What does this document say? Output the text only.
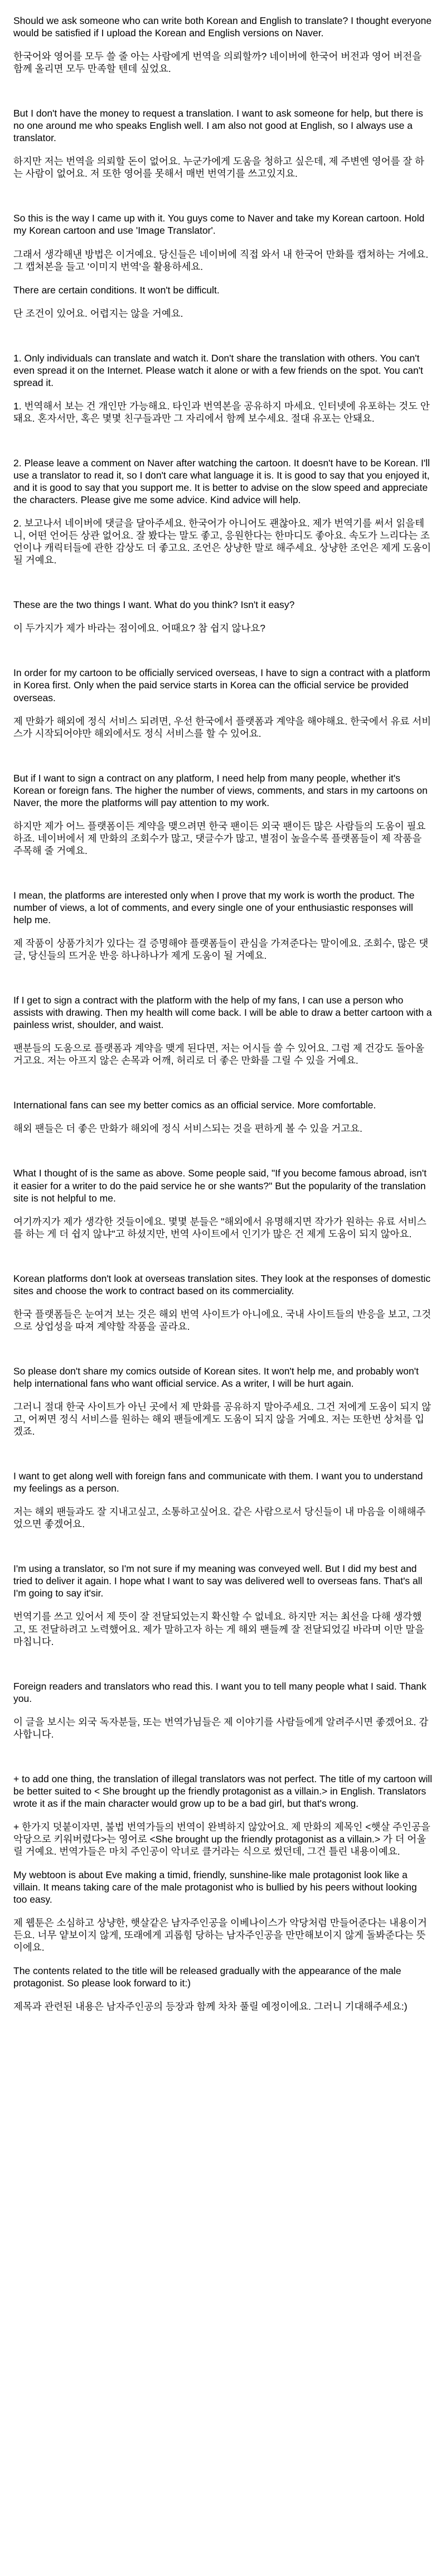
Should we ask someone who can write both Korean and English to translate? I thought everyone would be satisfied if I upload the Korean and English versions on Naver.

한국어와 영어를 모두 쓸 줄 아는 사람에게 번역을 의뢰할까? 네이버에 한국어 버전과 영어 버전을 함께 올리면 모두 만족할 텐데 싶었요.

But I don't have the money to request a translation. I want to ask someone for help, but there is no one around me who speaks English well. I am also not good at English, so I always use a translator.

하지만 저는 번역을 의뢰할 돈이 없어요. 누군가에게 도움을 청하고 싶은데, 제 주변엔 영어를 잘 하는 사람이 없어요. 저 또한 영어를 못해서 매번 번역기를 쓰고있지요.

So this is the way I came up with it. You guys come to Naver and take my Korean cartoon. Hold my Korean cartoon and use 'Image Translator'.

그래서 생각해낸 방법은 이거예요. 당신들은 네이버에 직접 와서 내 한국어 만화를 캡쳐하는 거에요. 그 캡쳐본을 들고 '이미지 번역'을 활용하세요.

There are certain conditions. It won't be difficult.

단 조건이 있어요. 어렵지는 않을 거예요.

1. Only individuals can translate and watch it. Don't share the translation with others. You can't even spread it on the Internet. Please watch it alone or with a few friends on the spot. You can't spread it.

1. 번역해서 보는 건 개인만 가능해요. 타인과 번역본을 공유하지 마세요. 인터넷에 유포하는 것도 안돼요. 혼자서만, 혹은 몇몇 친구들과만 그 자리에서 함께 보수세요. 절대 유포는 안돼요.

2. Please leave a comment on Naver after watching the cartoon. It doesn't have to be Korean. I'll use a translator to read it, so I don't care what language it is. It is good to say that you enjoyed it, and it is good to say that you support me. It is better to advise on the slow speed and appreciate the characters. Please give me some advice. Kind advice will help.

2. 보고나서 네이버에 댓글을 달아주세요. 한국어가 아니어도 괜찮아요. 제가 번역기를 써서 읽을테니, 어떤 언어든 상관 없어요. 잘 봤다는 말도 좋고, 응원한다는 한마디도 좋아요. 속도가 느리다는 조언이나 캐릭터들에 관한 감상도 더 좋고요. 조언은 상냥한 말로 해주세요. 상냥한 조언은 제게 도움이 될 거예요.

These are the two things I want. What do you think? Isn't it easy?

이 두가지가 제가 바라는 점이에요. 어때요? 참 쉽지 않나요?

In order for my cartoon to be officially serviced overseas, I have to sign a contract with a platform in Korea first. Only when the paid service starts in Korea can the official service be provided overseas.

제 만화가 해외에 정식 서비스 되려면, 우선 한국에서 플랫폼과 계약을 해야해요. 한국에서 유료 서비스가 시작되어야만 해외에서도 정식 서비스를 할 수 있어요.

But if I want to sign a contract on any platform, I need help from many people, whether it's Korean or foreign fans. The higher the number of views, comments, and stars in my cartoons on Naver, the more the platforms will pay attention to my work.

하지만 제가 어느 플랫폼이든 계약을 맺으려면 한국 팬이든 외국 팬이든 많은 사람들의 도움이 필요하죠. 네이버에서 제 만화의 조회수가 많고, 댓글수가 많고, 별점이 높을수록 플랫폼들이 제 작품을 주목해 줄 거예요.

I mean, the platforms are interested only when I prove that my work is worth the product. The number of views, a lot of comments, and every single one of your enthusiastic responses will help me.

제 작품이 상품가치가 있다는 걸 증명해야 플랫폼들이 관심을 가져준다는 말이에요. 조회수, 많은 댓글, 당신들의 뜨거운 반응 하나하나가 제게 도움이 될 거예요.

If I get to sign a contract with the platform with the help of my fans, I can use a person who assists with drawing. Then my health will come back. I will be able to draw a better cartoon with a painless wrist, shoulder, and waist.

팬분들의 도움으로 플랫폼과 계약을 맺게 된다면, 저는 어시들 쓸 수 있어요. 그럼 제 건강도 돌아올 거고요. 저는 아프지 않은 손목과 어깨, 허리로 더 좋은 만화를 그릴 수 있을 거예요.

International fans can see my better comics as an official service. More comfortable.

해외 팬들은 더 좋은 만화가 해외에 정식 서비스되는 것을 편하게 볼 수 있을 거고요.

What I thought of is the same as above. Some people said, "If you become famous abroad, isn't it easier for a writer to do the paid service he or she wants?" But the popularity of the translation site is not helpful to me.

여기까지가 제가 생각한 것들이에요. 몇몇 분들은 "해외에서 유명해지면 작가가 원하는 유료 서비스를 하는 게 더 쉽지 않냐"고 하셨지만, 번역 사이트에서 인기가 많은 건 제게 도움이 되지 않아요.

Korean platforms don't look at overseas translation sites. They look at the responses of domestic sites and choose the work to contract based on its commerciality.

한국 플랫폼들은 눈여겨 보는 것은 해외 번역 사이트가 아니에요. 국내 사이트들의 반응을 보고, 그것으로 상업성을 따져 계약할 작품을 골라요.

So please don't share my comics outside of Korean sites. It won't help me, and probably won't help international fans who want official service. As a writer, I will be hurt again.

그러니 절대 한국 사이트가 아닌 곳에서 제 만화를 공유하지 말아주세요. 그건 저에게 도움이 되지 않고, 어쩌면 정식 서비스를 원하는 해외 팬들에게도 도움이 되지 않을 거예요. 저는 또한번 상처를 입겠죠.

I want to get along well with foreign fans and communicate with them. I want you to understand my feelings as a person.

저는 해외 팬들과도 잘 지내고싶고, 소통하고싶어요. 같은 사람으로서 당신들이 내 마음을 이해해주었으면 좋겠어요.

I'm using a translator, so I'm not sure if my meaning was conveyed well. But I did my best and tried to deliver it again. I hope what I want to say was delivered well to overseas fans. That's all I'm going to say it'sir.

번역기를 쓰고 있어서 제 뜻이 잘 전달되었는지 확신할 수 없네요. 하지만 저는 최선을 다해 생각했고, 또 전달하려고 노력했어요. 제가 말하고자 하는 게 해외 팬들께 잘 전달되었길 바라며 이만 말을 마칩니다.

Foreign readers and translators who read this. I want you to tell many people what I said. Thank you.

이 글을 보시는 외국 독자분들, 또는 번역가님들은 제 이야기를 사람들에게 알려주시면 좋겠어요. 감사합니다.

+ to add one thing, the translation of illegal translators was not perfect. The title of my cartoon will be better suited to < She brought up the friendly protagonist as a villain.> in English. Translators wrote it as if the main character would grow up to be a bad girl, but that's wrong.

+ 한가지 덧붙이자면, 불법 번역가들의 번역이 완벽하지 않았어요. 제 만화의 제목인 <햇살 주인공을 악당으로 키워버렸다>는 영어로 <She brought up the friendly protagonist as a villain.> 가 더 어울릴 거예요. 번역가들은 마치 주인공이 악녀로 클거라는 식으로 썼던데, 그건 틀린 내용이예요.

My webtoon is about Eve making a timid, friendly, sunshine-like male protagonist look like a villain. It means taking care of the male protagonist who is bullied by his peers without looking too easy.

제 웹툰은 소심하고 상냥한, 햇살같은 남자주인공을 이베나이스가 악당처럼 만들어준다는 내용이거든요. 너무 얕보이지 않게, 또래에게 괴롭힘 당하는 남자주인공을 만만해보이지 않게 돌봐준다는 뜻이에요.

The contents related to the title will be released gradually with the appearance of the male protagonist. So please look forward to it:)

제목과 관련된 내용은 남자주인공의 등장과 함께 차차 풀릴 예정이에요. 그러니 기대해주세요:)
